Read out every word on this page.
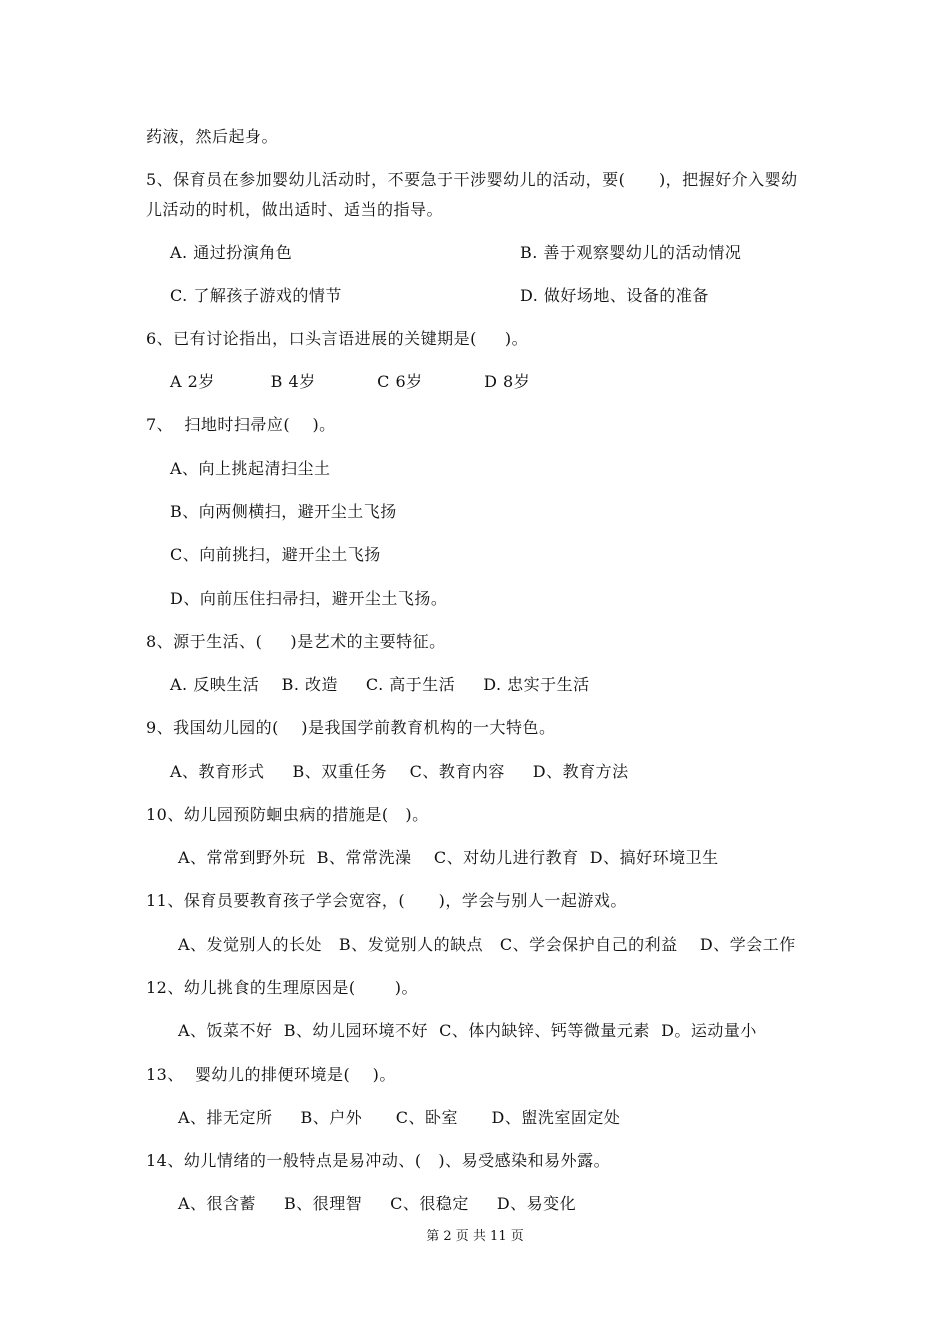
药液，然后起身。
5、保育员在参加婴幼儿活动时，不要急于干涉婴幼儿的活动，要(      )，把握好介入婴幼
儿活动的时机，做出适时、适当的指导。
A. 通过扮演角色	B. 善于观察婴幼儿的活动情况
C. 了解孩子游戏的情节	D. 做好场地、设备的准备
6、已有讨论指出，口头言语进展的关键期是(     )。
A 2岁          B 4岁           C 6岁           D 8岁
7、  扫地时扫帚应(    )。
A、向上挑起清扫尘土
B、向两侧横扫，避开尘土飞扬
C、向前挑扫，避开尘土飞扬
D、向前压住扫帚扫，避开尘土飞扬。
8、源于生活、(     )是艺术的主要特征。
A. 反映生活    B. 改造     C. 高于生活     D. 忠实于生活
9、我国幼儿园的(    )是我国学前教育机构的一大特色。
A、教育形式     B、双重任务    C、教育内容     D、教育方法
10、幼儿园预防蛔虫病的措施是(   )。
A、常常到野外玩  B、常常洗澡    C、对幼儿进行教育  D、搞好环境卫生
11、保育员要教育孩子学会宽容，(      )，学会与别人一起游戏。
A、发觉别人的长处   B、发觉别人的缺点   C、学会保护自己的利益    D、学会工作
12、幼儿挑食的生理原因是(       )。
A、饭菜不好  B、幼儿园环境不好  C、体内缺锌、钙等微量元素  D。运动量小
13、  婴幼儿的排便环境是(    )。
A、排无定所     B、户外      C、卧室      D、盥洗室固定处
14、幼儿情绪的一般特点是易冲动、(   )、易受感染和易外露。
A、很含蓄     B、很理智     C、很稳定     D、易变化
第 2 页 共 11 页
